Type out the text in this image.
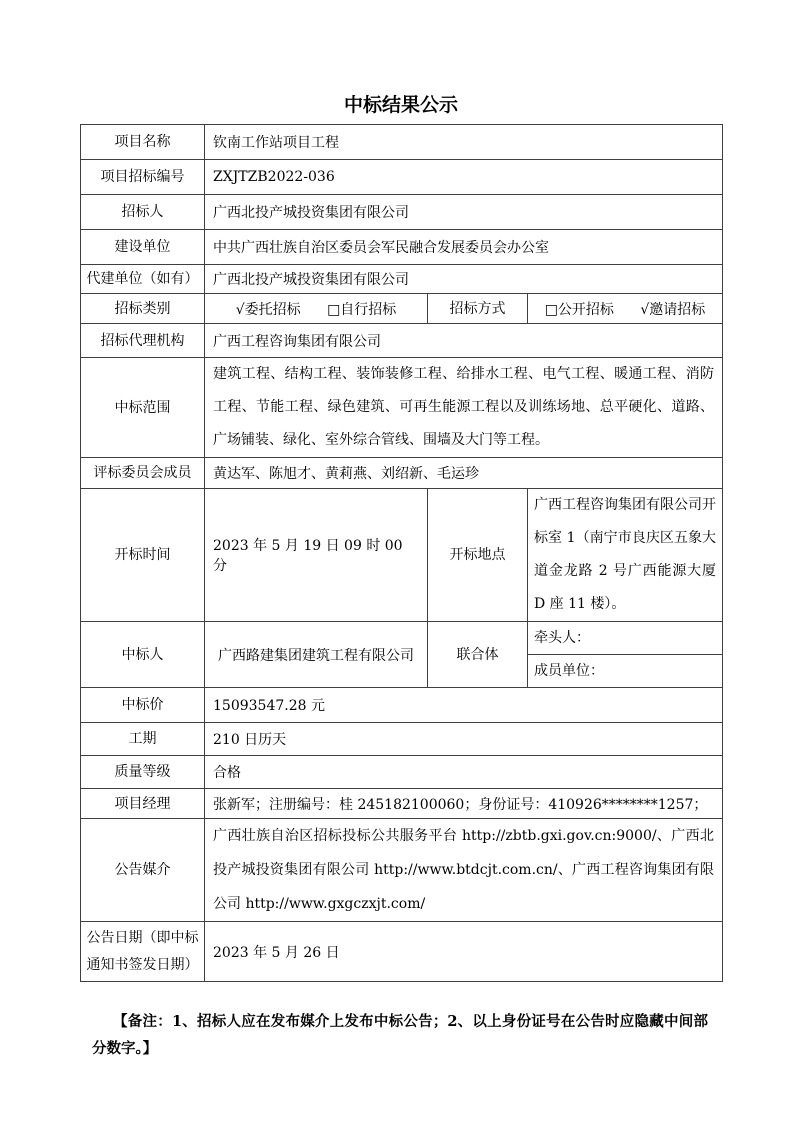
中标结果公示
项目名称	钦南工作站项目工程		
项目招标编号	ZXJTZB2022-036		
招标人	广西北投产城投资集团有限公司		
建设单位	中共广西壮族自治区委员会军民融合发展委员会办公室		
代建单位（如有）	广西北投产城投资集团有限公司		
招标类别	√委托招标 □自行招标	招标方式	□公开招标 √邀请招标
招标代理机构	广西工程咨询集团有限公司		
中标范围	建筑工程、结构工程、装饰装修工程、给排水工程、电气工程、暖通工程、消防工程、节能工程、绿色建筑、可再生能源工程以及训练场地、总平硬化、道路、广场铺装、绿化、室外综合管线、围墙及大门等工程。		
评标委员会成员	黄达军、陈旭才、黄莉燕、刘绍新、毛运珍		
开标时间	2023 年 5 月 19 日 09 时 00 分	开标地点	广西工程咨询集团有限公司开标室 1（南宁市良庆区五象大道金龙路 2 号广西能源大厦 D 座 11 楼）。
中标人	广西路建集团建筑工程有限公司	联合体	牵头人：
成员单位：

中标价	15093547.28 元		
工期	210 日历天		
质量等级	合格		
项目经理	张新军；注册编号：桂 245182100060；身份证号：410926********1257；		
公告媒介	广西壮族自治区招标投标公共服务平台 http://zbtb.gxi.gov.cn:9000/、广西北投产城投资集团有限公司 http://www.btdcjt.com.cn/、广西工程咨询集团有限公司 http://www.gxgczxjt.com/		
公告日期（即中标通知书签发日期）	2023 年 5 月 26 日		

【备注：1、招标人应在发布媒介上发布中标公告；2、以上身份证号在公告时应隐藏中间部分数字。】
